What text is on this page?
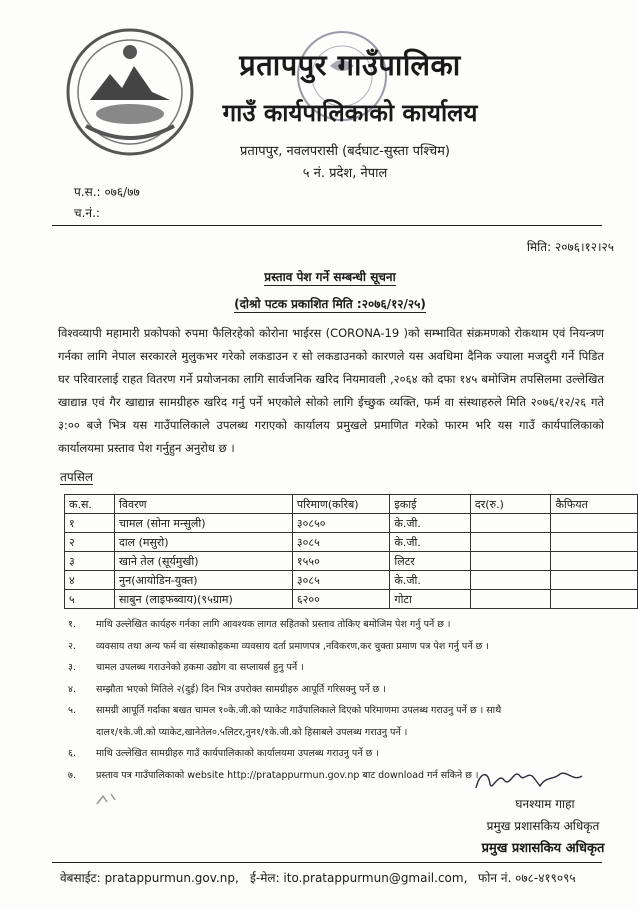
प्रतापपुर गाउँपालिका
गाउँ कार्यपालिकाको कार्यालय
प्रतापपुर, नवलपरासी (बर्दघाट-सुस्ता पश्चिम)
५ नं. प्रदेश, नेपाल
प.स.: ०७६/७७
च.नं.:
मिति: २०७६।१२।२५
प्रस्ताव पेश गर्ने सम्बन्धी सूचना
(दोश्रो पटक प्रकाशित मिति :२०७६/१२/२५)
विश्वव्यापी महामारी प्रकोपको रुपमा फैलिरहेको कोरोना भाईरस (CORONA-19 )को सम्भावित संक्रमणको रोकथाम एवं नियन्त्रण गर्नका लागि नेपाल सरकारले मुलुकभर गरेको लकडाउन र सो लकडाउनको कारणले यस अवधिमा दैनिक ज्याला मजदुरी गर्ने पिडित घर परिवारलाई राहत वितरण गर्ने प्रयोजनका लागि सार्वजनिक खरिद नियमावली ,२०६४ को दफा १४५ बमोजिम तपसिलमा उल्लेखित खाद्यान्न एवं गैर खाद्यान्न सामग्रीहरु खरिद गर्नु पर्ने भएकोले सोको लागि ईच्छुक व्यक्ति, फर्म वा संस्थाहरुले मिति २०७६/१२/२६ गते ३:०० बजे भित्र यस गाउँपालिकाले उपलब्ध गराएको कार्यालय प्रमुखले प्रमाणित गरेको फारम भरि यस गाउँ कार्यपालिकाको कार्यालयमा प्रस्ताव पेश गर्नुहुन अनुरोध छ ।
तपसिल
क.स.	विवरण	परिमाण(करिब)	इकाई	दर(रु.)	कैफियत
१	चामल (सोना मन्सुली)	३०८५०	के.जी.		
२	दाल (मसुरो)	३०८५	के.जी.		
३	खाने तेल (सूर्यमुखी)	१५५०	लिटर		
४	नुन(आयोडिन-युक्त)	३०८५	के.जी.		
५	साबुन (लाइफब्वाय)(९५ग्राम)	६२००	गोटा		
१.	माथि उल्लेखित कार्यहरु गर्नका लागि आवश्यक लागत सहितको प्रस्ताव तोकिए बमोजिम पेश गर्नु पर्ने छ ।
२.	व्यवसाय तथा अन्य फर्म वा संस्थाकोहकमा व्यवसाय दर्ता प्रमाणपत्र ,नविकरण,कर चुक्ता प्रमाण पत्र पेश गर्नु पर्ने छ ।
३.	चामल उपलब्ध गराउनेको हकमा उद्योग वा सप्लायर्स हुनु पर्ने ।
४.	सम्झौता भएको मितिले २(दुई) दिन भित्र उपरोक्त सामग्रीहरु आपूर्ति गरिसक्नु पर्ने छ ।
५.	सामग्री आपूर्ति गर्दाका बखत चामल १०के.जी.को प्याकेट गाउँपालिकाले दिएको परिमाणमा उपलब्ध गराउनु पर्ने छ । साथै
दाल१/१के.जी.को प्याकेट,खानेतेल०.५लिटर,नुन१/१के.जी.को हिसाबले उपलब्ध गराउनु पर्ने ।
६.	माथि उल्लेखित सामग्रीहरु गाउँ कार्यपालिकाको कार्यालयमा उपलब्ध गराउनु पर्ने छ ।
७.	प्रस्ताव पत्र गाउँपालिकाको website http://pratappurmun.gov.np बाट download गर्न सकिने छ ।
घनश्याम गाहा
प्रमुख प्रशासकिय अधिकृत
प्रमुख प्रशासकिय अधिकृत
वेबसाईट: pratappurmun.gov.np, ई-मेल: ito.pratappurmun@gmail.com, फोन नं. ०७८-४१९०९५
